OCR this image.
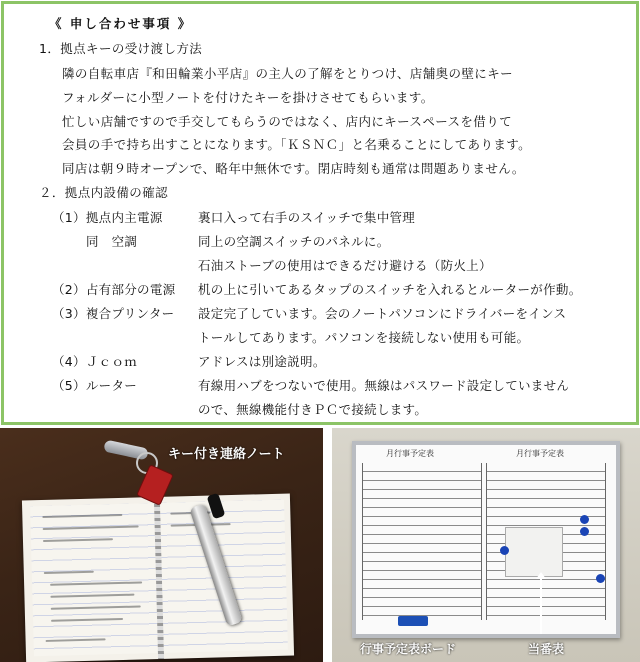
《 申し合わせ事項 》
1．拠点キーの受け渡し方法
隣の自転車店『和田輪業小平店』の主人の了解をとりつけ、店舗奥の壁にキー
フォルダーに小型ノートを付けたキーを掛けさせてもらいます。
忙しい店舗ですので手交してもらうのではなく、店内にキースペースを借りて
会員の手で持ち出すことになります。「ＫＳＮＣ」と名乗ることにしてあります。
同店は朝９時オープンで、略年中無休です。閉店時刻も通常は問題ありません。
２．拠点内設備の確認
（1）拠点内主電源	裏口入って右手のスイッチで集中管理
同　空調	同上の空調スイッチのパネルに。
石油ストーブの使用はできるだけ避ける（防火上）
（2）占有部分の電源 机の上に引いてあるタップのスイッチを入れるとルーターが作動。
（3）複合プリンター 設定完了しています。会のノートパソコンにドライバーをインス
トールしてあります。パソコンを接続しない使用も可能。
（4）Ｊｃｏｍ	アドレスは別途説明。
（5）ルーター	有線用ハブをつないで使用。無線はパスワード設定していません
ので、無線機能付きＰＣで接続します。
キー付き連絡ノート	月行事予定表	月行事予定表
行事予定表ボード	当番表
